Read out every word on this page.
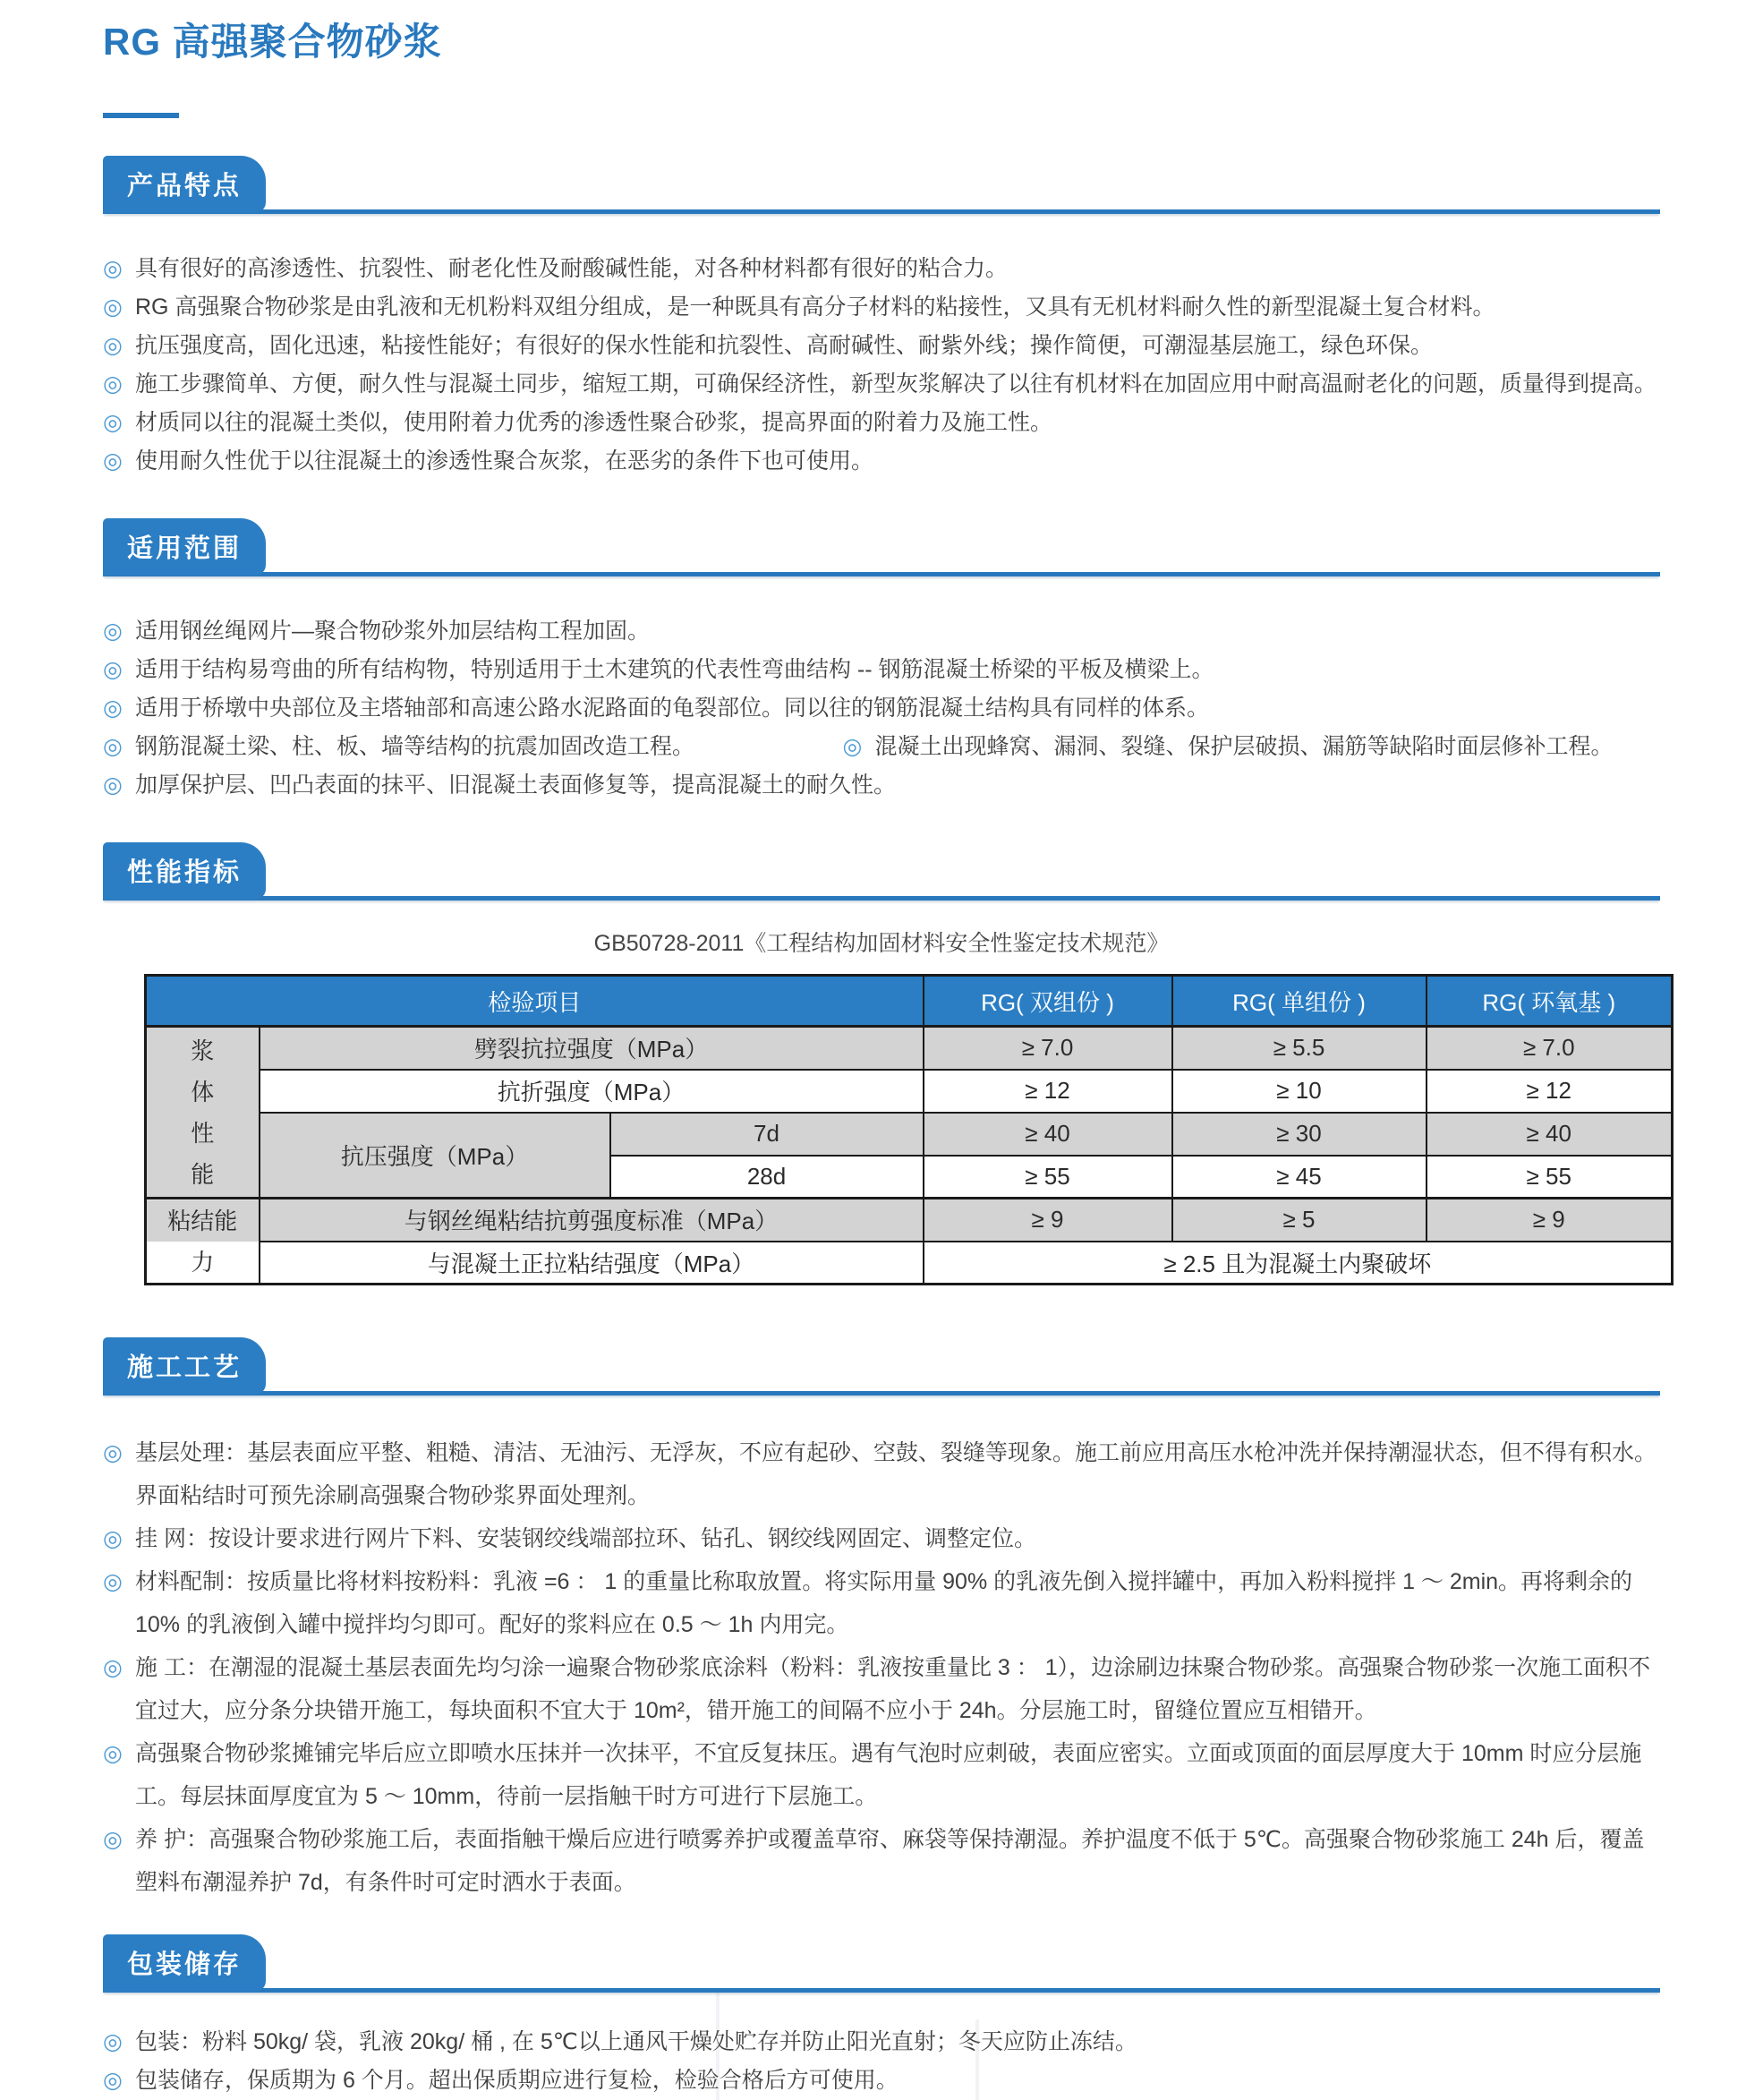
RG 高强聚合物砂浆
产品特点
◎ 具有很好的高渗透性、抗裂性、耐老化性及耐酸碱性能，对各种材料都有很好的粘合力。
◎ RG 高强聚合物砂浆是由乳液和无机粉料双组分组成，是一种既具有高分子材料的粘接性，又具有无机材料耐久性的新型混凝土复合材料。
◎ 抗压强度高，固化迅速，粘接性能好；有很好的保水性能和抗裂性、高耐碱性、耐紫外线；操作简便，可潮湿基层施工，绿色环保。
◎ 施工步骤简单、方便，耐久性与混凝土同步，缩短工期，可确保经济性，新型灰浆解决了以往有机材料在加固应用中耐高温耐老化的问题，质量得到提高。
◎ 材质同以往的混凝土类似，使用附着力优秀的渗透性聚合砂浆，提高界面的附着力及施工性。
◎ 使用耐久性优于以往混凝土的渗透性聚合灰浆，在恶劣的条件下也可使用。
适用范围
◎ 适用钢丝绳网片—聚合物砂浆外加层结构工程加固。
◎ 适用于结构易弯曲的所有结构物，特别适用于土木建筑的代表性弯曲结构 -- 钢筋混凝土桥梁的平板及横梁上。
◎ 适用于桥墩中央部位及主塔轴部和高速公路水泥路面的龟裂部位。同以往的钢筋混凝土结构具有同样的体系。
◎ 钢筋混凝土梁、柱、板、墙等结构的抗震加固改造工程。	◎ 混凝土出现蜂窝、漏洞、裂缝、保护层破损、漏筋等缺陷时面层修补工程。
◎ 加厚保护层、凹凸表面的抹平、旧混凝土表面修复等，提高混凝土的耐久性。
性能指标
GB50728-2011《工程结构加固材料安全性鉴定技术规范》
检验项目			RG( 双组份 )	RG( 单组份 )	RG( 环氧基 )
浆体性能	劈裂抗拉强度（MPa）		≥ 7.0	≥ 5.5	≥ 7.0
	抗折强度（MPa）		≥ 12	≥ 10	≥ 12
	抗压强度（MPa）	7d	≥ 40	≥ 30	≥ 40
		28d	≥ 55	≥ 45	≥ 55
粘结能力	与钢丝绳粘结抗剪强度标准（MPa）		≥ 9	≥ 5	≥ 9
	与混凝土正拉粘结强度（MPa）		≥ 2.5 且为混凝土内聚破坏		
施工工艺
◎ 基层处理：基层表面应平整、粗糙、清洁、无油污、无浮灰，不应有起砂、空鼓、裂缝等现象。施工前应用高压水枪冲洗并保持潮湿状态，但不得有积水。界面粘结时可预先涂刷高强聚合物砂浆界面处理剂。
◎ 挂 网：按设计要求进行网片下料、安装钢绞线端部拉环、钻孔、钢绞线网固定、调整定位。
◎ 材料配制：按质量比将材料按粉料：乳液 =6 ： 1 的重量比称取放置。将实际用量 90% 的乳液先倒入搅拌罐中，再加入粉料搅拌 1 ～ 2min。再将剩余的 10% 的乳液倒入罐中搅拌均匀即可。配好的浆料应在 0.5 ～ 1h 内用完。
◎ 施 工：在潮湿的混凝土基层表面先均匀涂一遍聚合物砂浆底涂料（粉料：乳液按重量比 3 ： 1），边涂刷边抹聚合物砂浆。高强聚合物砂浆一次施工面积不宜过大，应分条分块错开施工，每块面积不宜大于 10m²，错开施工的间隔不应小于 24h。分层施工时，留缝位置应互相错开。
◎ 高强聚合物砂浆摊铺完毕后应立即喷水压抹并一次抹平，不宜反复抹压。遇有气泡时应刺破，表面应密实。立面或顶面的面层厚度大于 10mm 时应分层施工。每层抹面厚度宜为 5 ～ 10mm，待前一层指触干时方可进行下层施工。
◎ 养 护：高强聚合物砂浆施工后，表面指触干燥后应进行喷雾养护或覆盖草帘、麻袋等保持潮湿。养护温度不低于 5℃。高强聚合物砂浆施工 24h 后，覆盖塑料布潮湿养护 7d，有条件时可定时洒水于表面。
包装储存
◎ 包装：粉料 50kg/ 袋，乳液 20kg/ 桶 , 在 5℃以上通风干燥处贮存并防止阳光直射；冬天应防止冻结。
◎ 包装储存，保质期为 6 个月。超出保质期应进行复检，检验合格后方可使用。
